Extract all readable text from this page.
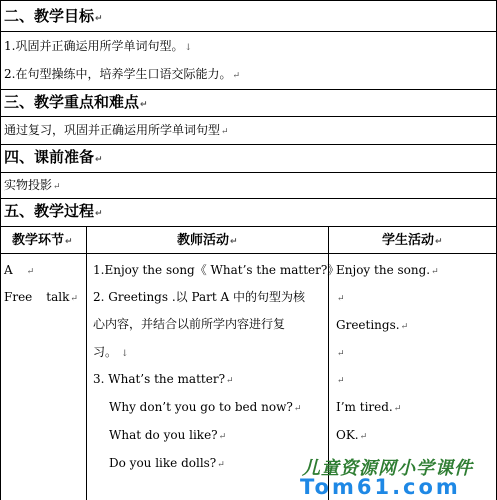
二、教学目标↵
1.巩固并正确运用所学单词句型。↓
2.在句型操练中，培养学生口语交际能力。↵
三、教学重点和难点↵
通过复习，巩固并正确运用所学单词句型↵
四、课前准备↵
实物投影↵
五、教学过程↵
教学环节↵	教师活动↵	学生活动↵
A ↵
Free talk↵
1.Enjoy the song《 What’s the matter?》
2. Greetings .以 Part A 中的句型为核
心内容，并结合以前所学内容进行复
习。 ↓
3. What’s the matter?↵
Why don’t you go to bed now?↵
What do you like?↵
Do you like dolls?↵
Enjoy the song.↵
↵
Greetings.↵
↵
↵
I’m tired.↵
OK.↵
儿童资源网小学课件
Tom61.com
